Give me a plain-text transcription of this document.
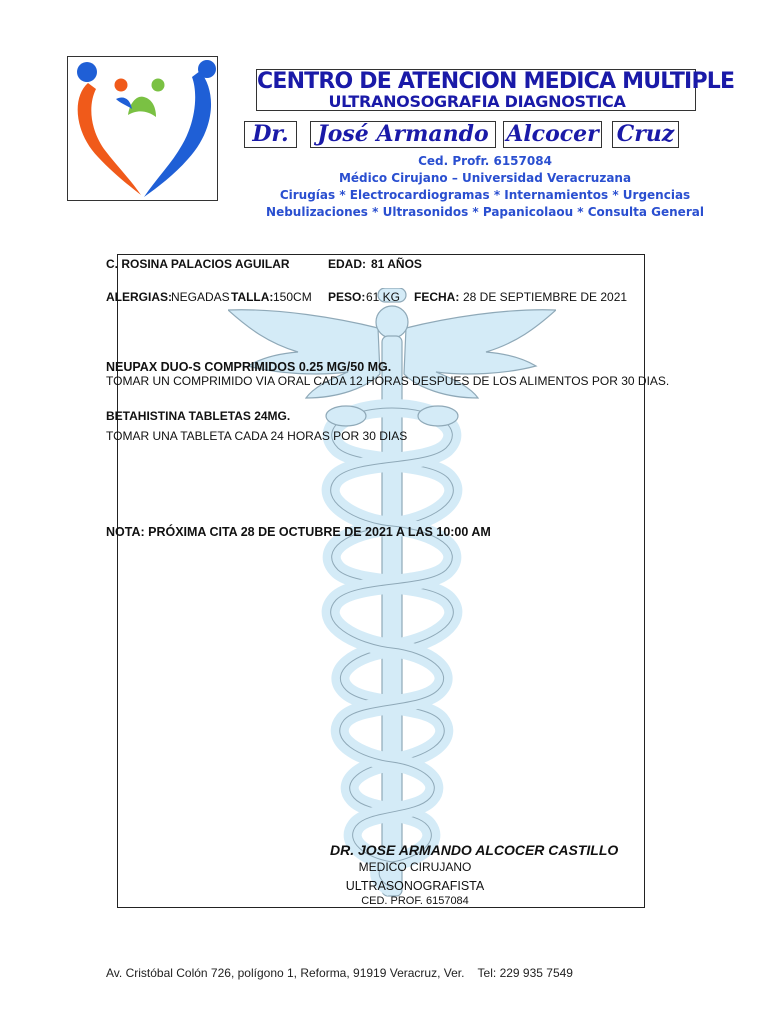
CENTRO DE ATENCION MEDICA MULTIPLE
ULTRANOSOGRAFIA DIAGNOSTICA
Dr.	José Armando Alcocer Cruz
Ced. Profr. 6157084
Médico Cirujano – Universidad Veracruzana
Cirugías * Electrocardiogramas * Internamientos * Urgencias
Nebulizaciones * Ultrasonidos * Papanicolaou * Consulta General
C. ROSINA PALACIOS AGUILAR	EDAD: 81 AÑOS
ALERGIAS: NEGADAS TALLA: 150CM PESO: 61 KG FECHA: 28 DE SEPTIEMBRE DE 2021
NEUPAX DUO-S COMPRIMIDOS 0.25 MG/50 MG.
TOMAR UN COMPRIMIDO VIA ORAL CADA 12 HORAS DESPUES DE LOS ALIMENTOS POR 30 DIAS.
BETAHISTINA TABLETAS 24MG.
TOMAR UNA TABLETA CADA 24 HORAS POR 30 DIAS
NOTA: PRÓXIMA CITA 28 DE OCTUBRE DE 2021 A LAS 10:00 AM
DR. JOSE ARMANDO ALCOCER CASTILLO
MEDICO CIRUJANO
ULTRASONOGRAFISTA
CED. PROF. 6157084
Av. Cristóbal Colón 726, polígono 1, Reforma, 91919 Veracruz, Ver.    Tel: 229 935 7549
